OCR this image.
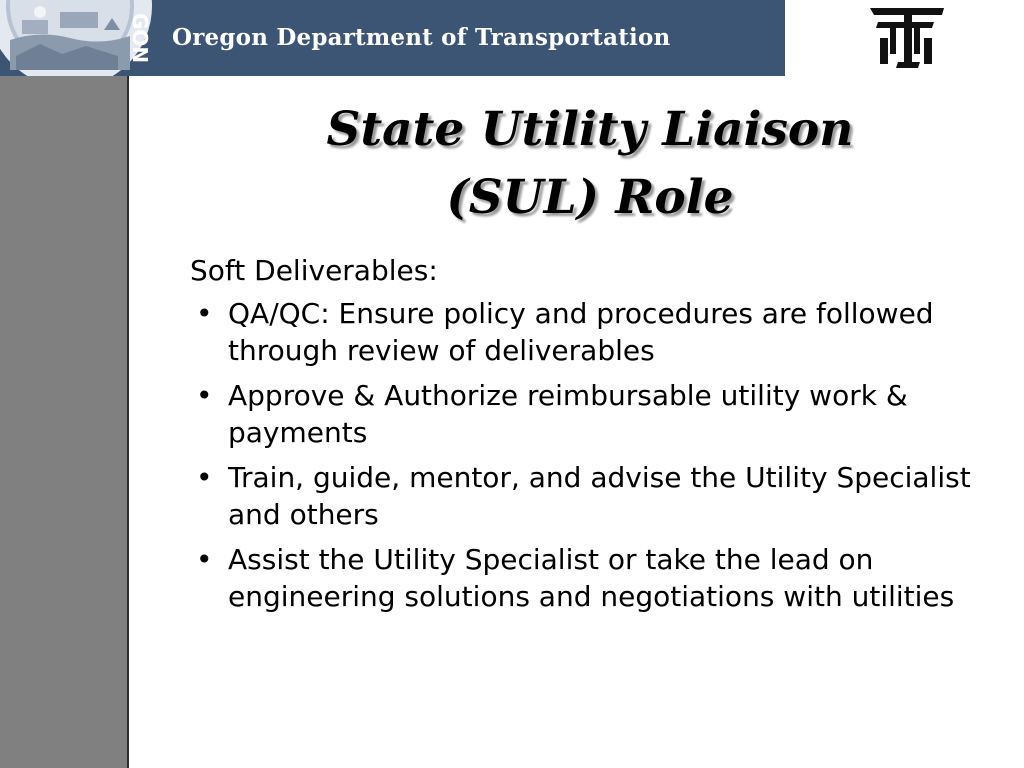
GON Oregon Department of Transportation
State Utility Liaison
(SUL) Role

Soft Deliverables:

• QA/QC: Ensure policy and procedures are followed through review of deliverables
• Approve & Authorize reimbursable utility work & payments
• Train, guide, mentor, and advise the Utility Specialist and others
• Assist the Utility Specialist or take the lead on engineering solutions and negotiations with utilities
